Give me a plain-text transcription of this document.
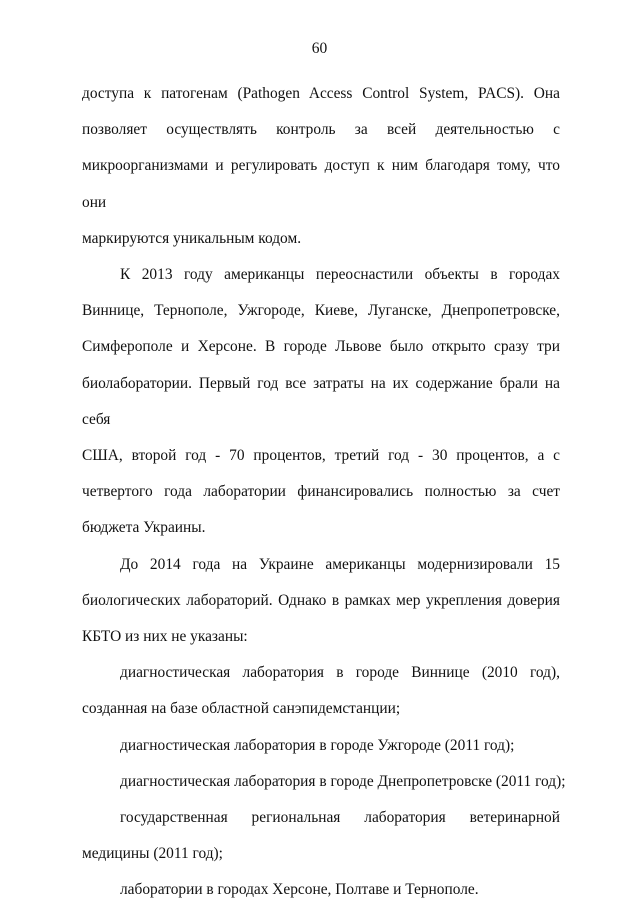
60
доступа к патогенам (Pathogen Access Control System, PACS). Она
позволяет осуществлять контроль за всей деятельностью с
микроорганизмами и регулировать доступ к ним благодаря тому, что они
маркируются уникальным кодом.
К 2013 году американцы переоснастили объекты в городах
Виннице, Тернополе, Ужгороде, Киеве, Луганске, Днепропетровске,
Симферополе и Херсоне. В городе Львове было открыто сразу три
биолаборатории. Первый год все затраты на их содержание брали на себя
США, второй год - 70 процентов, третий год - 30 процентов, а с
четвертого года лаборатории финансировались полностью за счет
бюджета Украины.
До 2014 года на Украине американцы модернизировали 15
биологических лабораторий. Однако в рамках мер укрепления доверия
КБТО из них не указаны:
диагностическая лаборатория в городе Виннице (2010 год),
созданная на базе областной санэпидемстанции;
диагностическая лаборатория в городе Ужгороде (2011 год);
диагностическая лаборатория в городе Днепропетровске (2011 год);
государственная региональная лаборатория ветеринарной
медицины (2011 год);
лаборатории в городах Херсоне, Полтаве и Тернополе.
